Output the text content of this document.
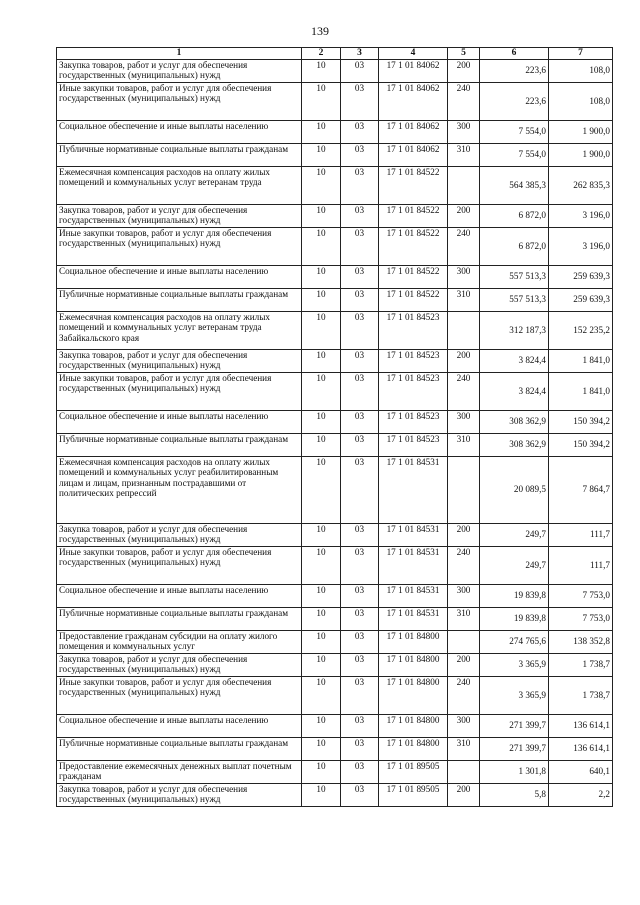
139
1	2	3	4	5	6	7
Закупка товаров, работ и услуг для обеспечения государственных (муниципальных) нужд	10	03	17 1 01 84062	200	223,6	108,0
Иные закупки товаров, работ и услуг для обеспечения государственных (муниципальных) нужд	10	03	17 1 01 84062	240	223,6	108,0
Социальное обеспечение и иные выплаты населению	10	03	17 1 01 84062	300	7 554,0	1 900,0
Публичные нормативные социальные выплаты гражданам	10	03	17 1 01 84062	310	7 554,0	1 900,0
Ежемесячная компенсация расходов на оплату жилых помещений и коммунальных услуг ветеранам труда	10	03	17 1 01 84522		564 385,3	262 835,3
Закупка товаров, работ и услуг для обеспечения государственных (муниципальных) нужд	10	03	17 1 01 84522	200	6 872,0	3 196,0
Иные закупки товаров, работ и услуг для обеспечения государственных (муниципальных) нужд	10	03	17 1 01 84522	240	6 872,0	3 196,0
Социальное обеспечение и иные выплаты населению	10	03	17 1 01 84522	300	557 513,3	259 639,3
Публичные нормативные социальные выплаты гражданам	10	03	17 1 01 84522	310	557 513,3	259 639,3
Ежемесячная компенсация расходов на оплату жилых помещений и коммунальных услуг ветеранам труда Забайкальского края	10	03	17 1 01 84523		312 187,3	152 235,2
Закупка товаров, работ и услуг для обеспечения государственных (муниципальных) нужд	10	03	17 1 01 84523	200	3 824,4	1 841,0
Иные закупки товаров, работ и услуг для обеспечения государственных (муниципальных) нужд	10	03	17 1 01 84523	240	3 824,4	1 841,0
Социальное обеспечение и иные выплаты населению	10	03	17 1 01 84523	300	308 362,9	150 394,2
Публичные нормативные социальные выплаты гражданам	10	03	17 1 01 84523	310	308 362,9	150 394,2
Ежемесячная компенсация расходов на оплату жилых помещений и коммунальных услуг реабилитированным лицам и лицам, признанным пострадавшими от политических репрессий	10	03	17 1 01 84531		20 089,5	7 864,7
Закупка товаров, работ и услуг для обеспечения государственных (муниципальных) нужд	10	03	17 1 01 84531	200	249,7	111,7
Иные закупки товаров, работ и услуг для обеспечения государственных (муниципальных) нужд	10	03	17 1 01 84531	240	249,7	111,7
Социальное обеспечение и иные выплаты населению	10	03	17 1 01 84531	300	19 839,8	7 753,0
Публичные нормативные социальные выплаты гражданам	10	03	17 1 01 84531	310	19 839,8	7 753,0
Предоставление гражданам субсидии на оплату жилого помещения и коммунальных услуг	10	03	17 1 01 84800		274 765,6	138 352,8
Закупка товаров, работ и услуг для обеспечения государственных (муниципальных) нужд	10	03	17 1 01 84800	200	3 365,9	1 738,7
Иные закупки товаров, работ и услуг для обеспечения государственных (муниципальных) нужд	10	03	17 1 01 84800	240	3 365,9	1 738,7
Социальное обеспечение и иные выплаты населению	10	03	17 1 01 84800	300	271 399,7	136 614,1
Публичные нормативные социальные выплаты гражданам	10	03	17 1 01 84800	310	271 399,7	136 614,1
Предоставление ежемесячных денежных выплат почетным гражданам	10	03	17 1 01 89505		1 301,8	640,1
Закупка товаров, работ и услуг для обеспечения государственных (муниципальных) нужд	10	03	17 1 01 89505	200	5,8	2,2
